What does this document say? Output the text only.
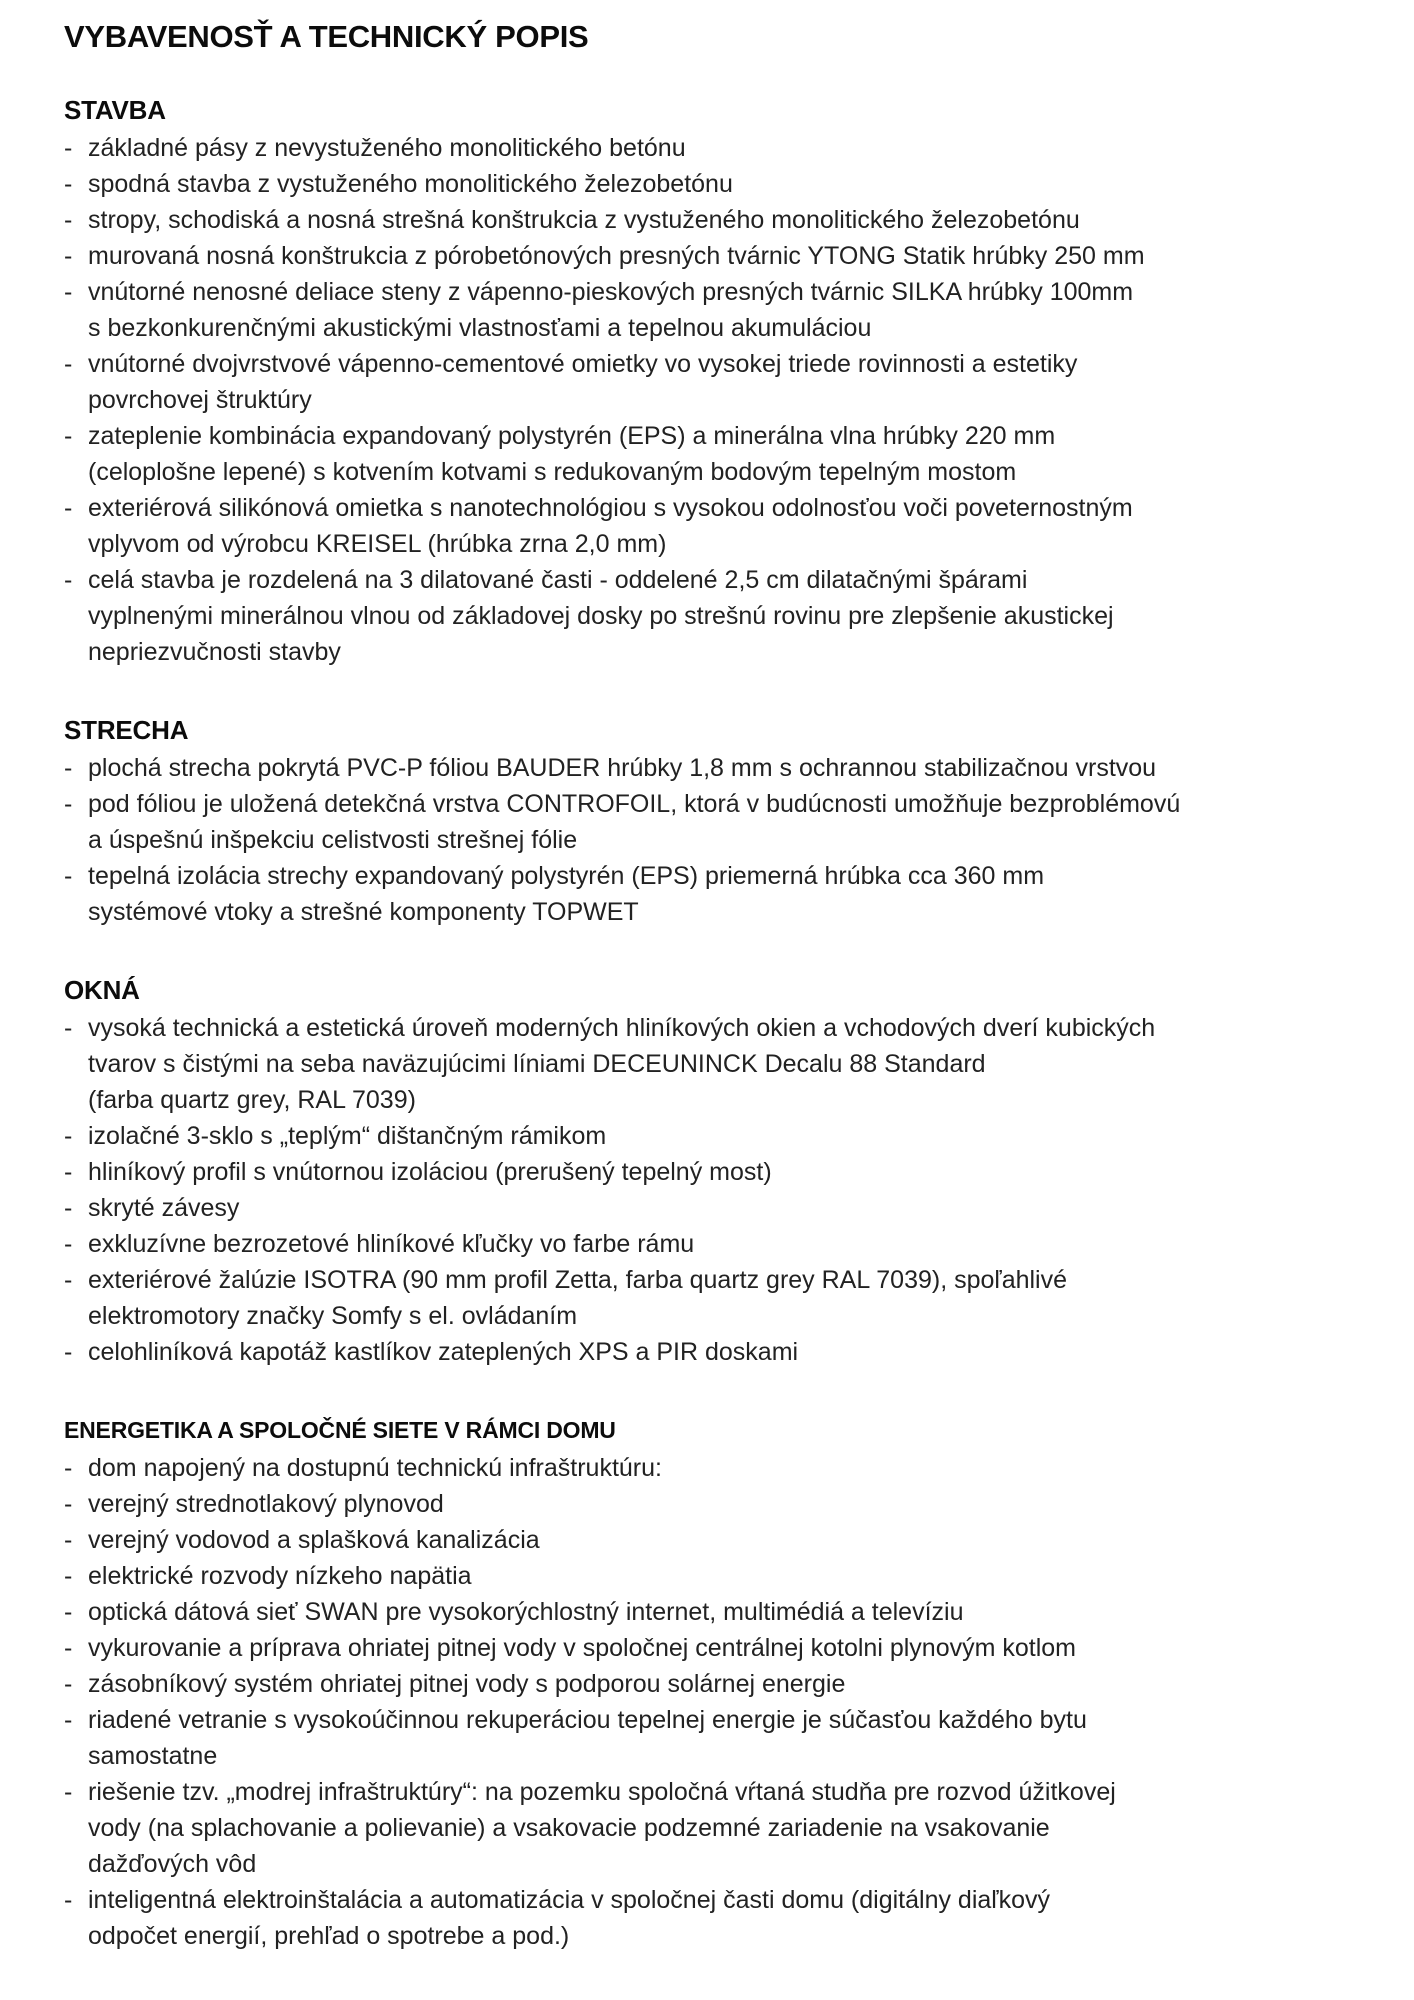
VYBAVENOSŤ A TECHNICKÝ POPIS
STAVBA
- základné pásy z nevystuženého monolitického betónu
- spodná stavba z vystuženého monolitického železobetónu
- stropy, schodiská a nosná strešná konštrukcia z vystuženého monolitického železobetónu
- murovaná nosná konštrukcia z pórobetónových presných tvárnic YTONG Statik hrúbky 250 mm
- vnútorné nenosné deliace steny z vápenno-pieskových presných tvárnic SILKA hrúbky 100mm
s bezkonkurenčnými akustickými vlastnosťami a tepelnou akumuláciou
- vnútorné dvojvrstvové vápenno-cementové omietky vo vysokej triede rovinnosti a estetiky
povrchovej štruktúry
- zateplenie kombinácia expandovaný polystyrén (EPS) a minerálna vlna hrúbky 220 mm
(celoplošne lepené) s kotvením kotvami s redukovaným bodovým tepelným mostom
- exteriérová silikónová omietka s nanotechnológiou s vysokou odolnosťou voči poveternostným
vplyvom od výrobcu KREISEL (hrúbka zrna 2,0 mm)
- celá stavba je rozdelená na 3 dilatované časti - oddelené 2,5 cm dilatačnými špárami
vyplnenými minerálnou vlnou od základovej dosky po strešnú rovinu pre zlepšenie akustickej
nepriezvučnosti stavby
STRECHA
- plochá strecha pokrytá PVC-P fóliou BAUDER hrúbky 1,8 mm s ochrannou stabilizačnou vrstvou
- pod fóliou je uložená detekčná vrstva CONTROFOIL, ktorá v budúcnosti umožňuje bezproblémovú
a úspešnú inšpekciu celistvosti strešnej fólie
- tepelná izolácia strechy expandovaný polystyrén (EPS) priemerná hrúbka cca 360 mm
systémové vtoky a strešné komponenty TOPWET
OKNÁ
- vysoká technická a estetická úroveň moderných hliníkových okien a vchodových dverí kubických
tvarov s čistými na seba naväzujúcimi líniami DECEUNINCK Decalu 88 Standard
(farba quartz grey, RAL 7039)
- izolačné 3-sklo s „teplým“ dištančným rámikom
- hliníkový profil s vnútornou izoláciou (prerušený tepelný most)
- skryté závesy
- exkluzívne bezrozetové hliníkové kľučky vo farbe rámu
- exteriérové žalúzie ISOTRA (90 mm profil Zetta, farba quartz grey RAL 7039), spoľahlivé
elektromotory značky Somfy s el. ovládaním
- celohliníková kapotáž kastlíkov zateplených XPS a PIR doskami
ENERGETIKA A SPOLOČNÉ SIETE V RÁMCI DOMU
- dom napojený na dostupnú technickú infraštruktúru:
- verejný strednotlakový plynovod
- verejný vodovod a splašková kanalizácia
- elektrické rozvody nízkeho napätia
- optická dátová sieť SWAN pre vysokorýchlostný internet, multimédiá a televíziu
- vykurovanie a príprava ohriatej pitnej vody v spoločnej centrálnej kotolni plynovým kotlom
- zásobníkový systém ohriatej pitnej vody s podporou solárnej energie
- riadené vetranie s vysokoúčinnou rekuperáciou tepelnej energie je súčasťou každého bytu
samostatne
- riešenie tzv. „modrej infraštruktúry“: na pozemku spoločná vŕtaná studňa pre rozvod úžitkovej
vody (na splachovanie a polievanie) a vsakovacie podzemné zariadenie na vsakovanie
dažďových vôd
- inteligentná elektroinštalácia a automatizácia v spoločnej časti domu (digitálny diaľkový
odpočet energií, prehľad o spotrebe a pod.)
